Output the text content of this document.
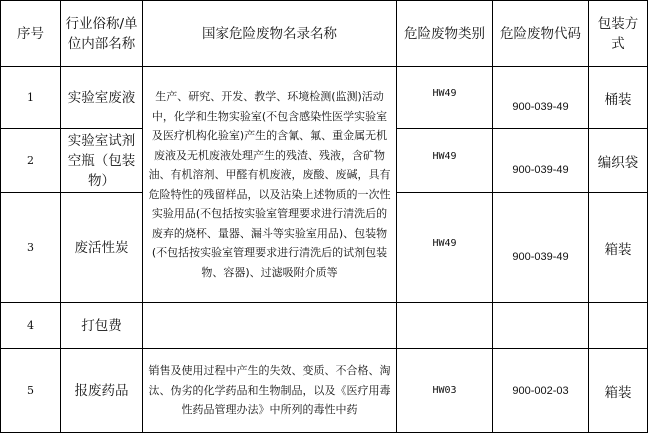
序号	行业俗称/单位内部名称	国家危险废物名录名称	危险废物类别	危险废物代码	包装方式
1	实验室废液	生产、研究、开发、教学、环境检测(监测)活动中，化学和生物实验室(不包含感染性医学实验室及医疗机构化验室)产生的含氰、氟、重金属无机废液及无机废液处理产生的残渣、残液，含矿物油、有机溶剂、甲醛有机废液，废酸、废碱，具有危险特性的残留样品，以及沾染上述物质的一次性实验用品(不包括按实验室管理要求进行清洗后的废弃的烧杯、量器、漏斗等实验室用品)、包装物(不包括按实验室管理要求进行清洗后的试剂包装物、容器)、过滤吸附介质等	HW49	900-039-49	桶装
2	实验室试剂空瓶（包装物）		HW49	900-039-49	编织袋
3	废活性炭		HW49	900-039-49	箱装
4	打包费				
5	报废药品	销售及使用过程中产生的失效、变质、不合格、淘汰、伪劣的化学药品和生物制品，以及《医疗用毒性药品管理办法》中所列的毒性中药	HW03	900-002-03	箱装
